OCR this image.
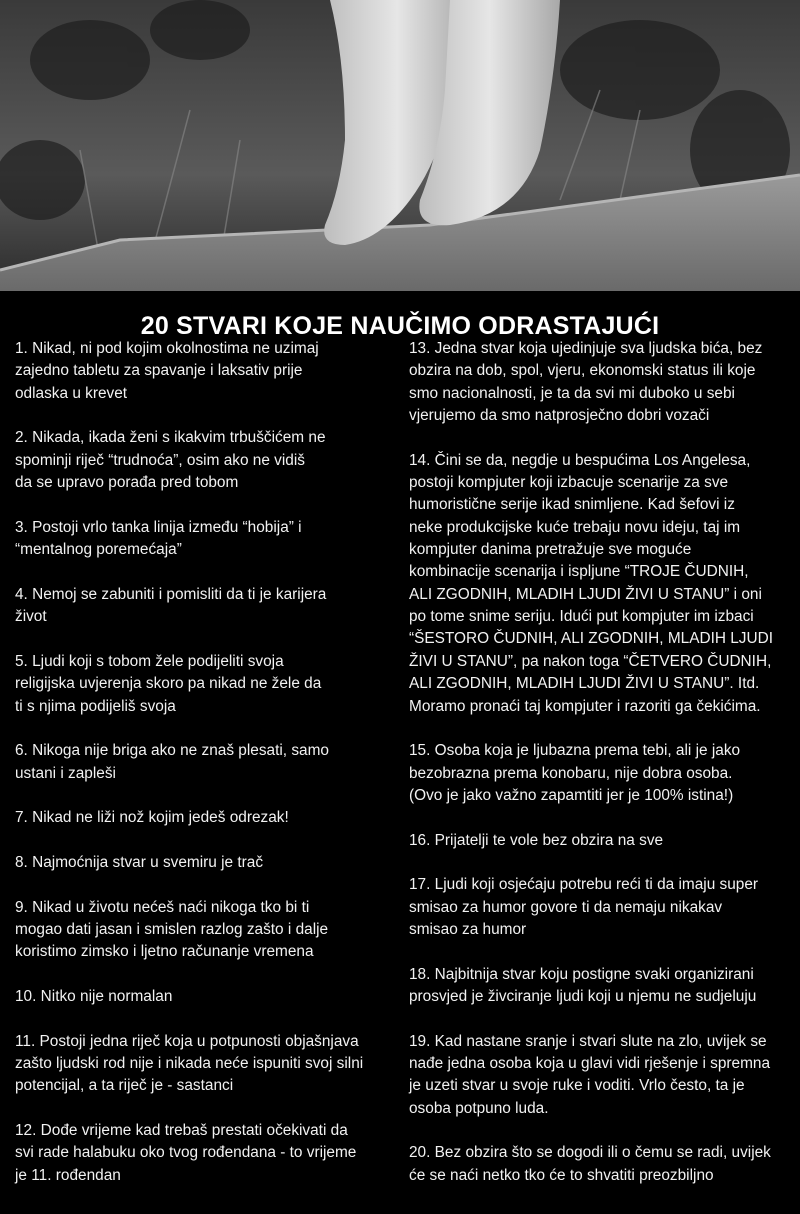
20 STVARI KOJE NAUČIMO ODRASTAJUĆI
1. Nikad, ni pod kojim okolnostima ne uzimaj
zajedno tabletu za spavanje i laksativ prije
odlaska u krevet
2. Nikada, ikada ženi s ikakvim trbuščićem ne
spominji riječ “trudnoća”, osim ako ne vidiš
da se upravo porađa pred tobom
3. Postoji vrlo tanka linija između “hobija” i
“mentalnog poremećaja”
4. Nemoj se zabuniti i pomisliti da ti je karijera
život
5. Ljudi koji s tobom žele podijeliti svoja
religijska uvjerenja skoro pa nikad ne žele da
ti s njima podijeliš svoja
6. Nikoga nije briga ako ne znaš plesati, samo
ustani i zapleši
7. Nikad ne liži nož kojim jedeš odrezak!
8. Najmoćnija stvar u svemiru je trač
9. Nikad u životu nećeš naći nikoga tko bi ti
mogao dati jasan i smislen razlog zašto i dalje
koristimo zimsko i ljetno računanje vremena
10. Nitko nije normalan
11. Postoji jedna riječ koja u potpunosti objašnjava
zašto ljudski rod nije i nikada neće ispuniti svoj silni
potencijal, a ta riječ je - sastanci
12. Dođe vrijeme kad trebaš prestati očekivati da
svi rade halabuku oko tvog rođendana - to vrijeme
je 11. rođendan
13. Jedna stvar koja ujedinjuje sva ljudska bića, bez
obzira na dob, spol, vjeru, ekonomski status ili koje
smo nacionalnosti, je ta da svi mi duboko u sebi
vjerujemo da smo natprosječno dobri vozači
14. Čini se da, negdje u bespućima Los Angelesa,
postoji kompjuter koji izbacuje scenarije za sve
humoristične serije ikad snimljene. Kad šefovi iz
neke produkcijske kuće trebaju novu ideju, taj im
kompjuter danima pretražuje sve moguće
kombinacije scenarija i ispljune “TROJE ČUDNIH,
ALI ZGODNIH, MLADIH LJUDI ŽIVI U STANU” i oni
po tome snime seriju. Idući put kompjuter im izbaci
“ŠESTORO ČUDNIH, ALI ZGODNIH, MLADIH LJUDI
ŽIVI U STANU”, pa nakon toga “ČETVERO ČUDNIH,
ALI ZGODNIH, MLADIH LJUDI ŽIVI U STANU”. Itd.
Moramo pronaći taj kompjuter i razoriti ga čekićima.
15. Osoba koja je ljubazna prema tebi, ali je jako
bezobrazna prema konobaru, nije dobra osoba.
(Ovo je jako važno zapamtiti jer je 100% istina!)
16. Prijatelji te vole bez obzira na sve
17. Ljudi koji osjećaju potrebu reći ti da imaju super
smisao za humor govore ti da nemaju nikakav
smisao za humor
18. Najbitnija stvar koju postigne svaki organizirani
prosvjed je živciranje ljudi koji u njemu ne sudjeluju
19. Kad nastane sranje i stvari slute na zlo, uvijek se
nađe jedna osoba koja u glavi vidi rješenje i spremna
je uzeti stvar u svoje ruke i voditi. Vrlo često, ta je
osoba potpuno luda.
20. Bez obzira što se dogodi ili o čemu se radi, uvijek
će se naći netko tko će to shvatiti preozbiljno
